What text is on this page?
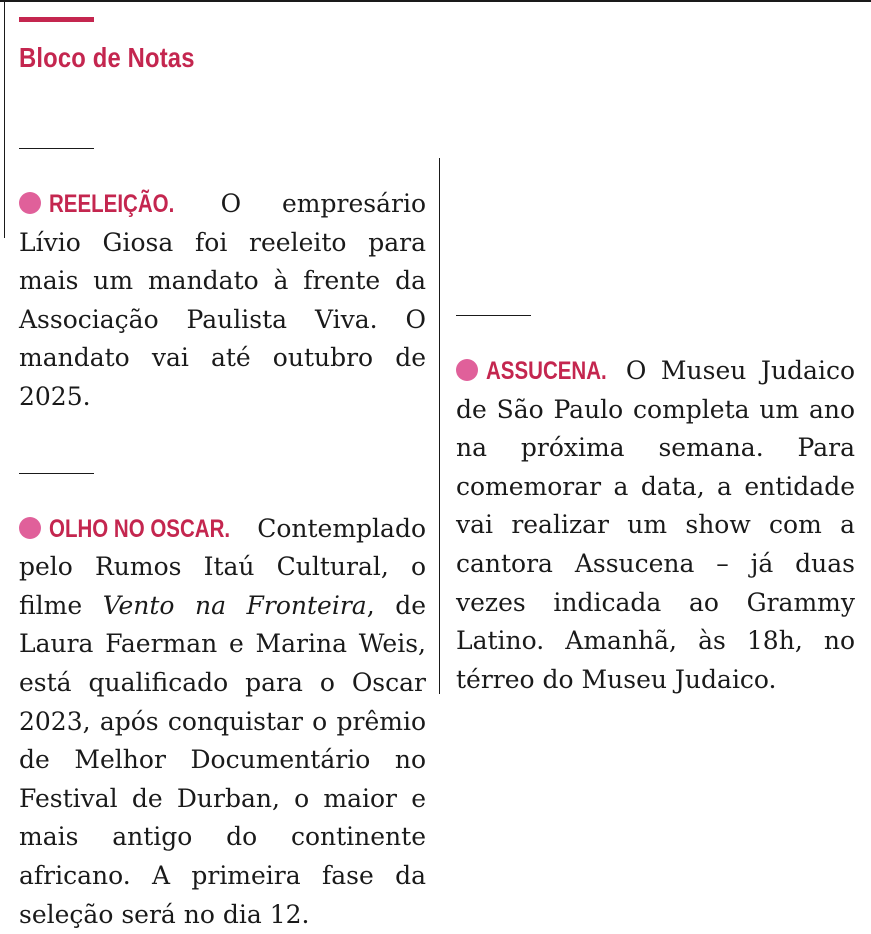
Bloco de Notas

REELEIÇÃO. O empresário Lívio Giosa foi reeleito para mais um mandato à frente da Associação Paulista Viva. O mandato vai até outubro de 2025.

OLHO NO OSCAR. Contemplado pelo Rumos Itaú Cultural, o filme Vento na Fronteira, de Laura Faerman e Marina Weis, está qualificado para o Oscar 2023, após conquistar o prêmio de Melhor Documentário no Festival de Durban, o maior e mais antigo do continente africano. A primeira fase da seleção será no dia 12.

ASSUCENA. O Museu Judaico de São Paulo completa um ano na próxima semana. Para comemorar a data, a entidade vai realizar um show com a cantora Assucena – já duas vezes indicada ao Grammy Latino. Amanhã, às 18h, no térreo do Museu Judaico.
